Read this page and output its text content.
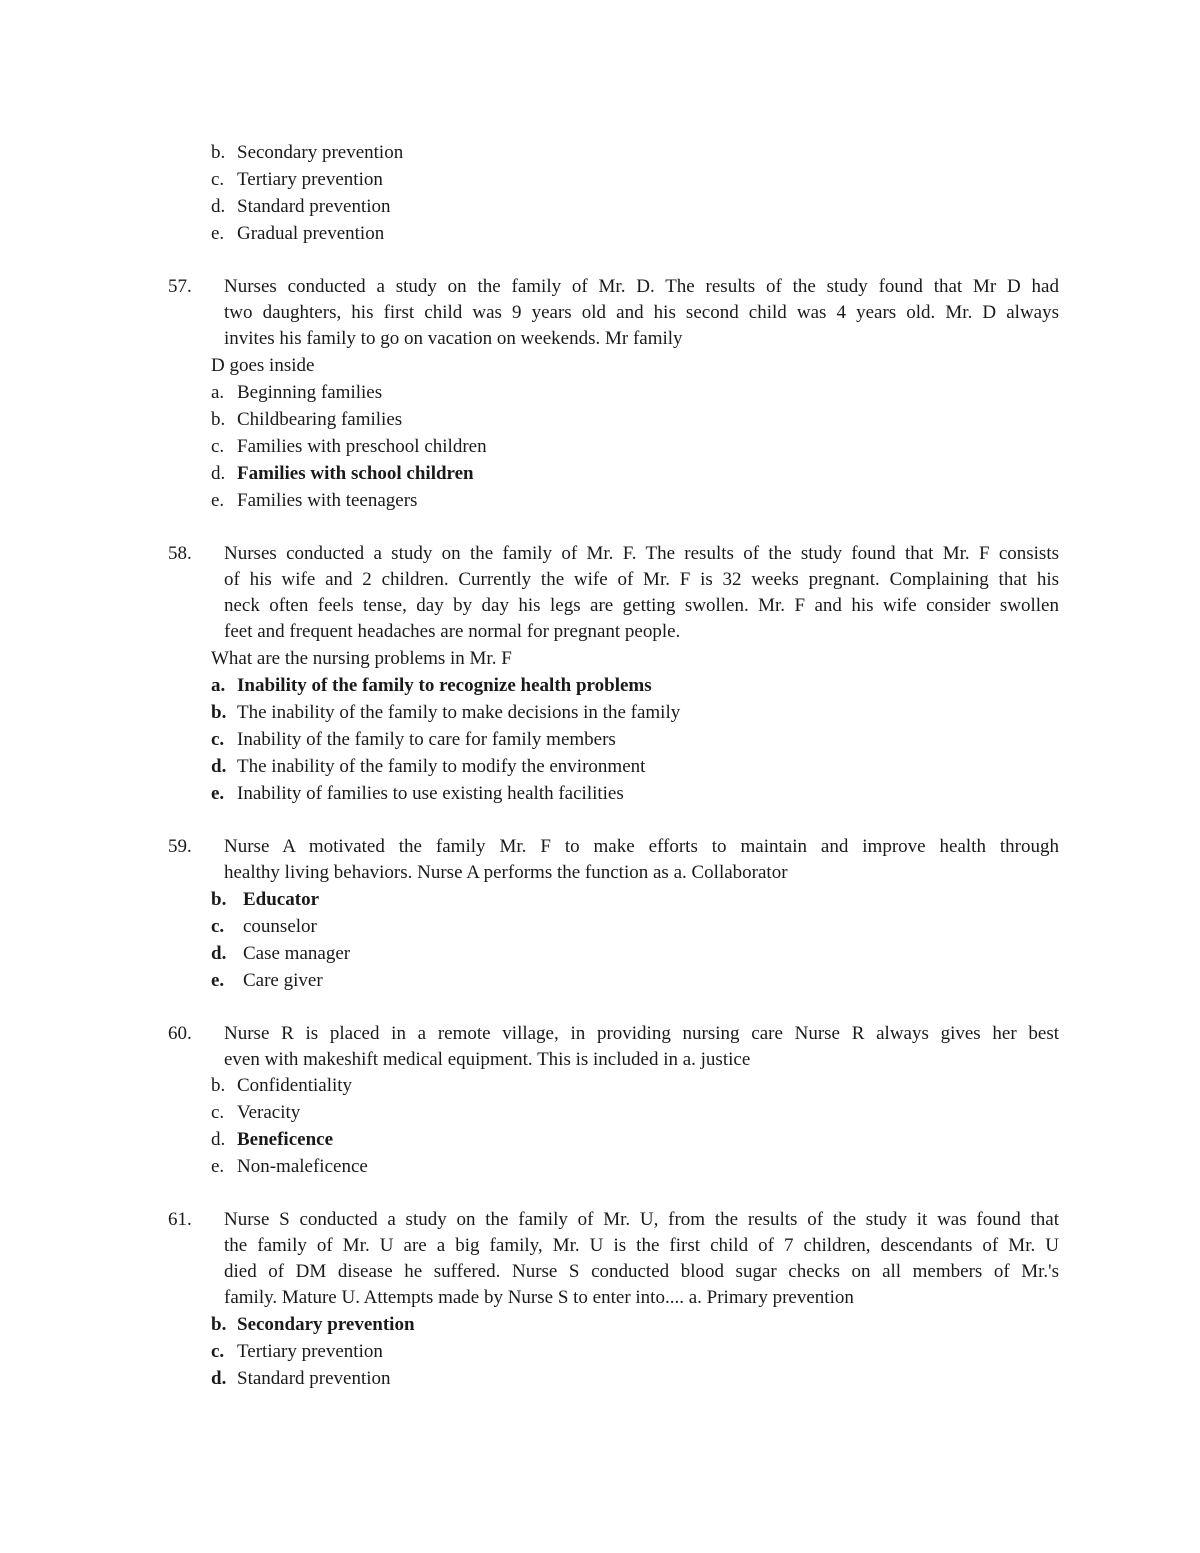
b. Secondary prevention
c. Tertiary prevention
d. Standard prevention
e. Gradual prevention
57. Nurses conducted a study on the family of Mr. D. The results of the study found that Mr D had
two daughters, his first child was 9 years old and his second child was 4 years old. Mr. D always
invites his family to go on vacation on weekends. Mr family
D goes inside
a. Beginning families
b. Childbearing families
c. Families with preschool children
d. Families with school children
e. Families with teenagers
58. Nurses conducted a study on the family of Mr. F. The results of the study found that Mr. F consists
of his wife and 2 children. Currently the wife of Mr. F is 32 weeks pregnant. Complaining that his
neck often feels tense, day by day his legs are getting swollen. Mr. F and his wife consider swollen
feet and frequent headaches are normal for pregnant people.
What are the nursing problems in Mr. F
a. Inability of the family to recognize health problems
b. The inability of the family to make decisions in the family
c. Inability of the family to care for family members
d. The inability of the family to modify the environment
e. Inability of families to use existing health facilities
59. Nurse A motivated the family Mr. F to make efforts to maintain and improve health through
healthy living behaviors. Nurse A performs the function as a. Collaborator
b. Educator
c. counselor
d. Case manager
e. Care giver
60. Nurse R is placed in a remote village, in providing nursing care Nurse R always gives her best
even with makeshift medical equipment. This is included in a. justice
b. Confidentiality
c. Veracity
d. Beneficence
e. Non-maleficence
61. Nurse S conducted a study on the family of Mr. U, from the results of the study it was found that
the family of Mr. U are a big family, Mr. U is the first child of 7 children, descendants of Mr. U
died of DM disease he suffered. Nurse S conducted blood sugar checks on all members of Mr.'s
family. Mature U. Attempts made by Nurse S to enter into.... a. Primary prevention
b. Secondary prevention
c. Tertiary prevention
d. Standard prevention
